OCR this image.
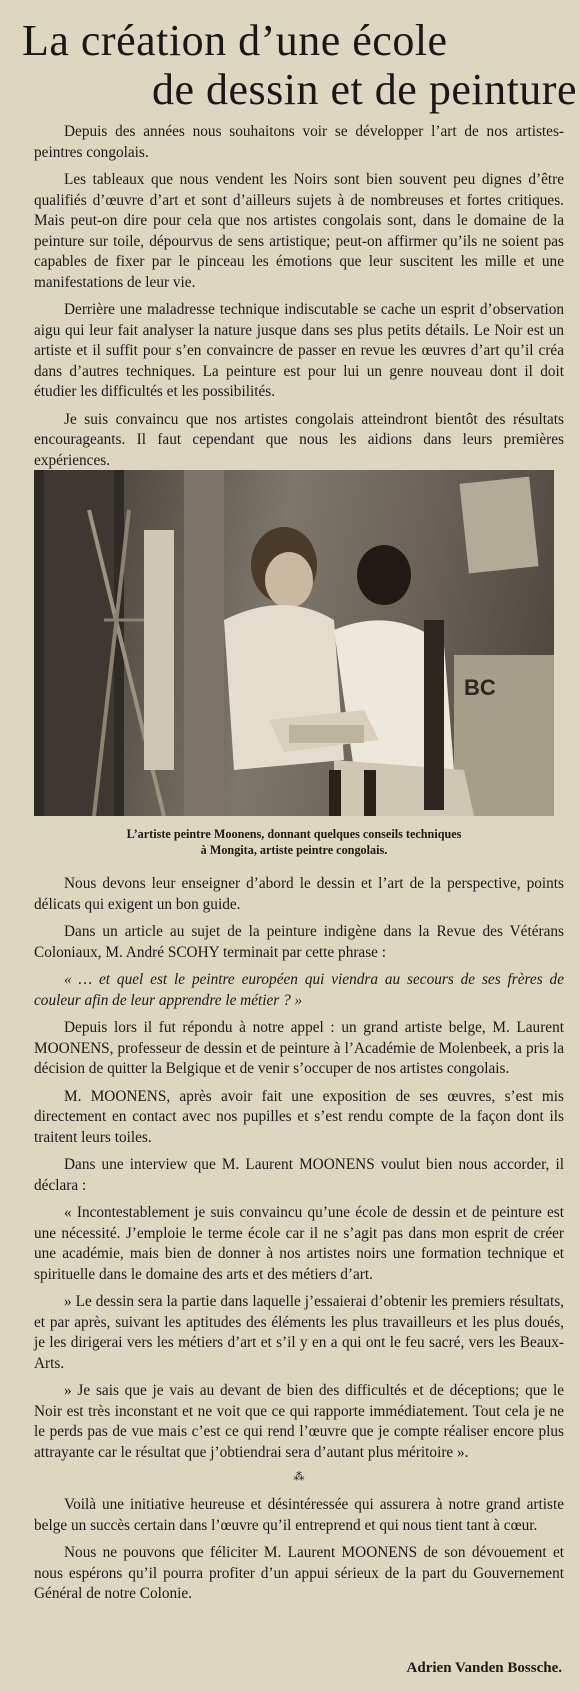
La création d’une école
de dessin et de peinture

Depuis des années nous souhaitons voir se développer l’art de nos artistes-peintres congolais.

Les tableaux que nous vendent les Noirs sont bien souvent peu dignes d’être qualifiés d’œuvre d’art et sont d’ailleurs sujets à de nombreuses et fortes critiques. Mais peut-on dire pour cela que nos artistes congolais sont, dans le domaine de la peinture sur toile, dépourvus de sens artistique; peut-on affirmer qu’ils ne soient pas capables de fixer par le pinceau les émotions que leur suscitent les mille et une manifestations de leur vie.

Derrière une maladresse technique indiscutable se cache un esprit d’observation aigu qui leur fait analyser la nature jusque dans ses plus petits détails. Le Noir est un artiste et il suffit pour s’en convaincre de passer en revue les œuvres d’art qu’il créa dans d’autres techniques. La peinture est pour lui un genre nouveau dont il doit étudier les difficultés et les possibilités.

Je suis convaincu que nos artistes congolais atteindront bientôt des résultats encourageants. Il faut cependant que nous les aidions dans leurs premières expériences.

BC

L’artiste peintre Moonens, donnant quelques conseils techniques
à Mongita, artiste peintre congolais.

Nous devons leur enseigner d’abord le dessin et l’art de la perspective, points délicats qui exigent un bon guide.

Dans un article au sujet de la peinture indigène dans la Revue des Vétérans Coloniaux, M. André SCOHY terminait par cette phrase :

« … et quel est le peintre européen qui viendra au secours de ses frères de couleur afin de leur apprendre le métier ? »

Depuis lors il fut répondu à notre appel : un grand artiste belge, M. Laurent MOONENS, professeur de dessin et de peinture à l’Académie de Molenbeek, a pris la décision de quitter la Belgique et de venir s’occuper de nos artistes congolais.

M. MOONENS, après avoir fait une exposition de ses œuvres, s’est mis directement en contact avec nos pupilles et s’est rendu compte de la façon dont ils traitent leurs toiles.

Dans une interview que M. Laurent MOONENS voulut bien nous accorder, il déclara :

« Incontestablement je suis convaincu qu’une école de dessin et de peinture est une nécessité. J’emploie le terme école car il ne s’agit pas dans mon esprit de créer une académie, mais bien de donner à nos artistes noirs une formation technique et spirituelle dans le domaine des arts et des métiers d’art.

» Le dessin sera la partie dans laquelle j’essaierai d’obtenir les premiers résultats, et par après, suivant les aptitudes des éléments les plus travailleurs et les plus doués, je les dirigerai vers les métiers d’art et s’il y en a qui ont le feu sacré, vers les Beaux-Arts.

» Je sais que je vais au devant de bien des difficultés et de déceptions; que le Noir est très inconstant et ne voit que ce qui rapporte immédiatement. Tout cela je ne le perds pas de vue mais c’est ce qui rend l’œuvre que je compte réaliser encore plus attrayante car le résultat que j’obtiendrai sera d’autant plus méritoire ».

⁂

Voilà une initiative heureuse et désintéressée qui assurera à notre grand artiste belge un succès certain dans l’œuvre qu’il entreprend et qui nous tient tant à cœur.

Nous ne pouvons que féliciter M. Laurent MOONENS de son dévouement et nous espérons qu’il pourra profiter d’un appui sérieux de la part du Gouvernement Général de notre Colonie.

Adrien Vanden Bossche.
